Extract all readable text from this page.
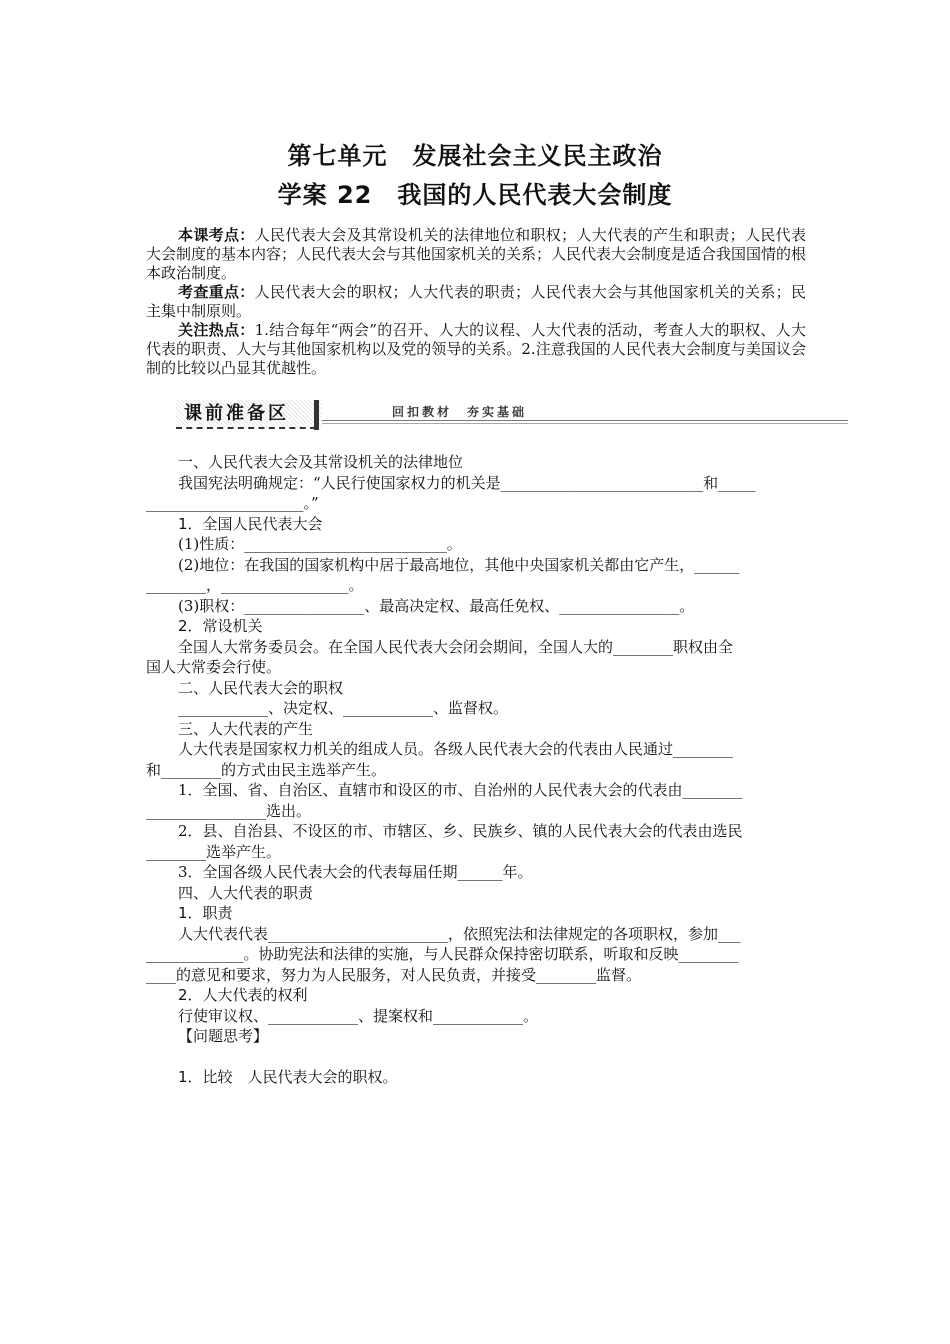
第七单元　发展社会主义民主政治
学案 22　我国的人民代表大会制度

本课考点：人民代表大会及其常设机关的法律地位和职权；人大代表的产生和职责；人民代表大会制度的基本内容；人民代表大会与其他国家机关的关系；人民代表大会制度是适合我国国情的根本政治制度。

考查重点：人民代表大会的职权；人大代表的职责；人民代表大会与其他国家机关的关系；民主集中制原则。

关注热点：1.结合每年“两会”的召开、人大的议程、人大代表的活动，考查人大的职权、人大代表的职责、人大与其他国家机构以及党的领导的关系。2.注意我国的人民代表大会制度与美国议会制的比较以凸显其优越性。

课前准备区	回扣教材　夯实基础

一、人民代表大会及其常设机关的法律地位

我国宪法明确规定：“人民行使国家权力的机关是___________________________和_____

_____________________。”

1．全国人民代表大会

(1)性质：___________________________。

(2)地位：在我国的国家机构中居于最高地位，其他中央国家机关都由它产生，______

________，_________________。

(3)职权：________________、最高决定权、最高任免权、________________。

2．常设机关

全国人大常务委员会。在全国人民代表大会闭会期间，全国人大的________职权由全

国人大常委会行使。

二、人民代表大会的职权

____________、决定权、____________、监督权。

三、人大代表的产生

人大代表是国家权力机关的组成人员。各级人民代表大会的代表由人民通过________

和________的方式由民主选举产生。

1．全国、省、自治区、直辖市和设区的市、自治州的人民代表大会的代表由________

________________选出。

2．县、自治县、不设区的市、市辖区、乡、民族乡、镇的人民代表大会的代表由选民

________选举产生。

3．全国各级人民代表大会的代表每届任期______年。

四、人大代表的职责

1．职责

人大代表代表________________________，依照宪法和法律规定的各项职权，参加___

_____________。协助宪法和法律的实施，与人民群众保持密切联系，听取和反映________

____的意见和要求，努力为人民服务，对人民负责，并接受________监督。

2．人大代表的权利

行使审议权、____________、提案权和____________。

【问题思考】

1．比较　人民代表大会的职权。
